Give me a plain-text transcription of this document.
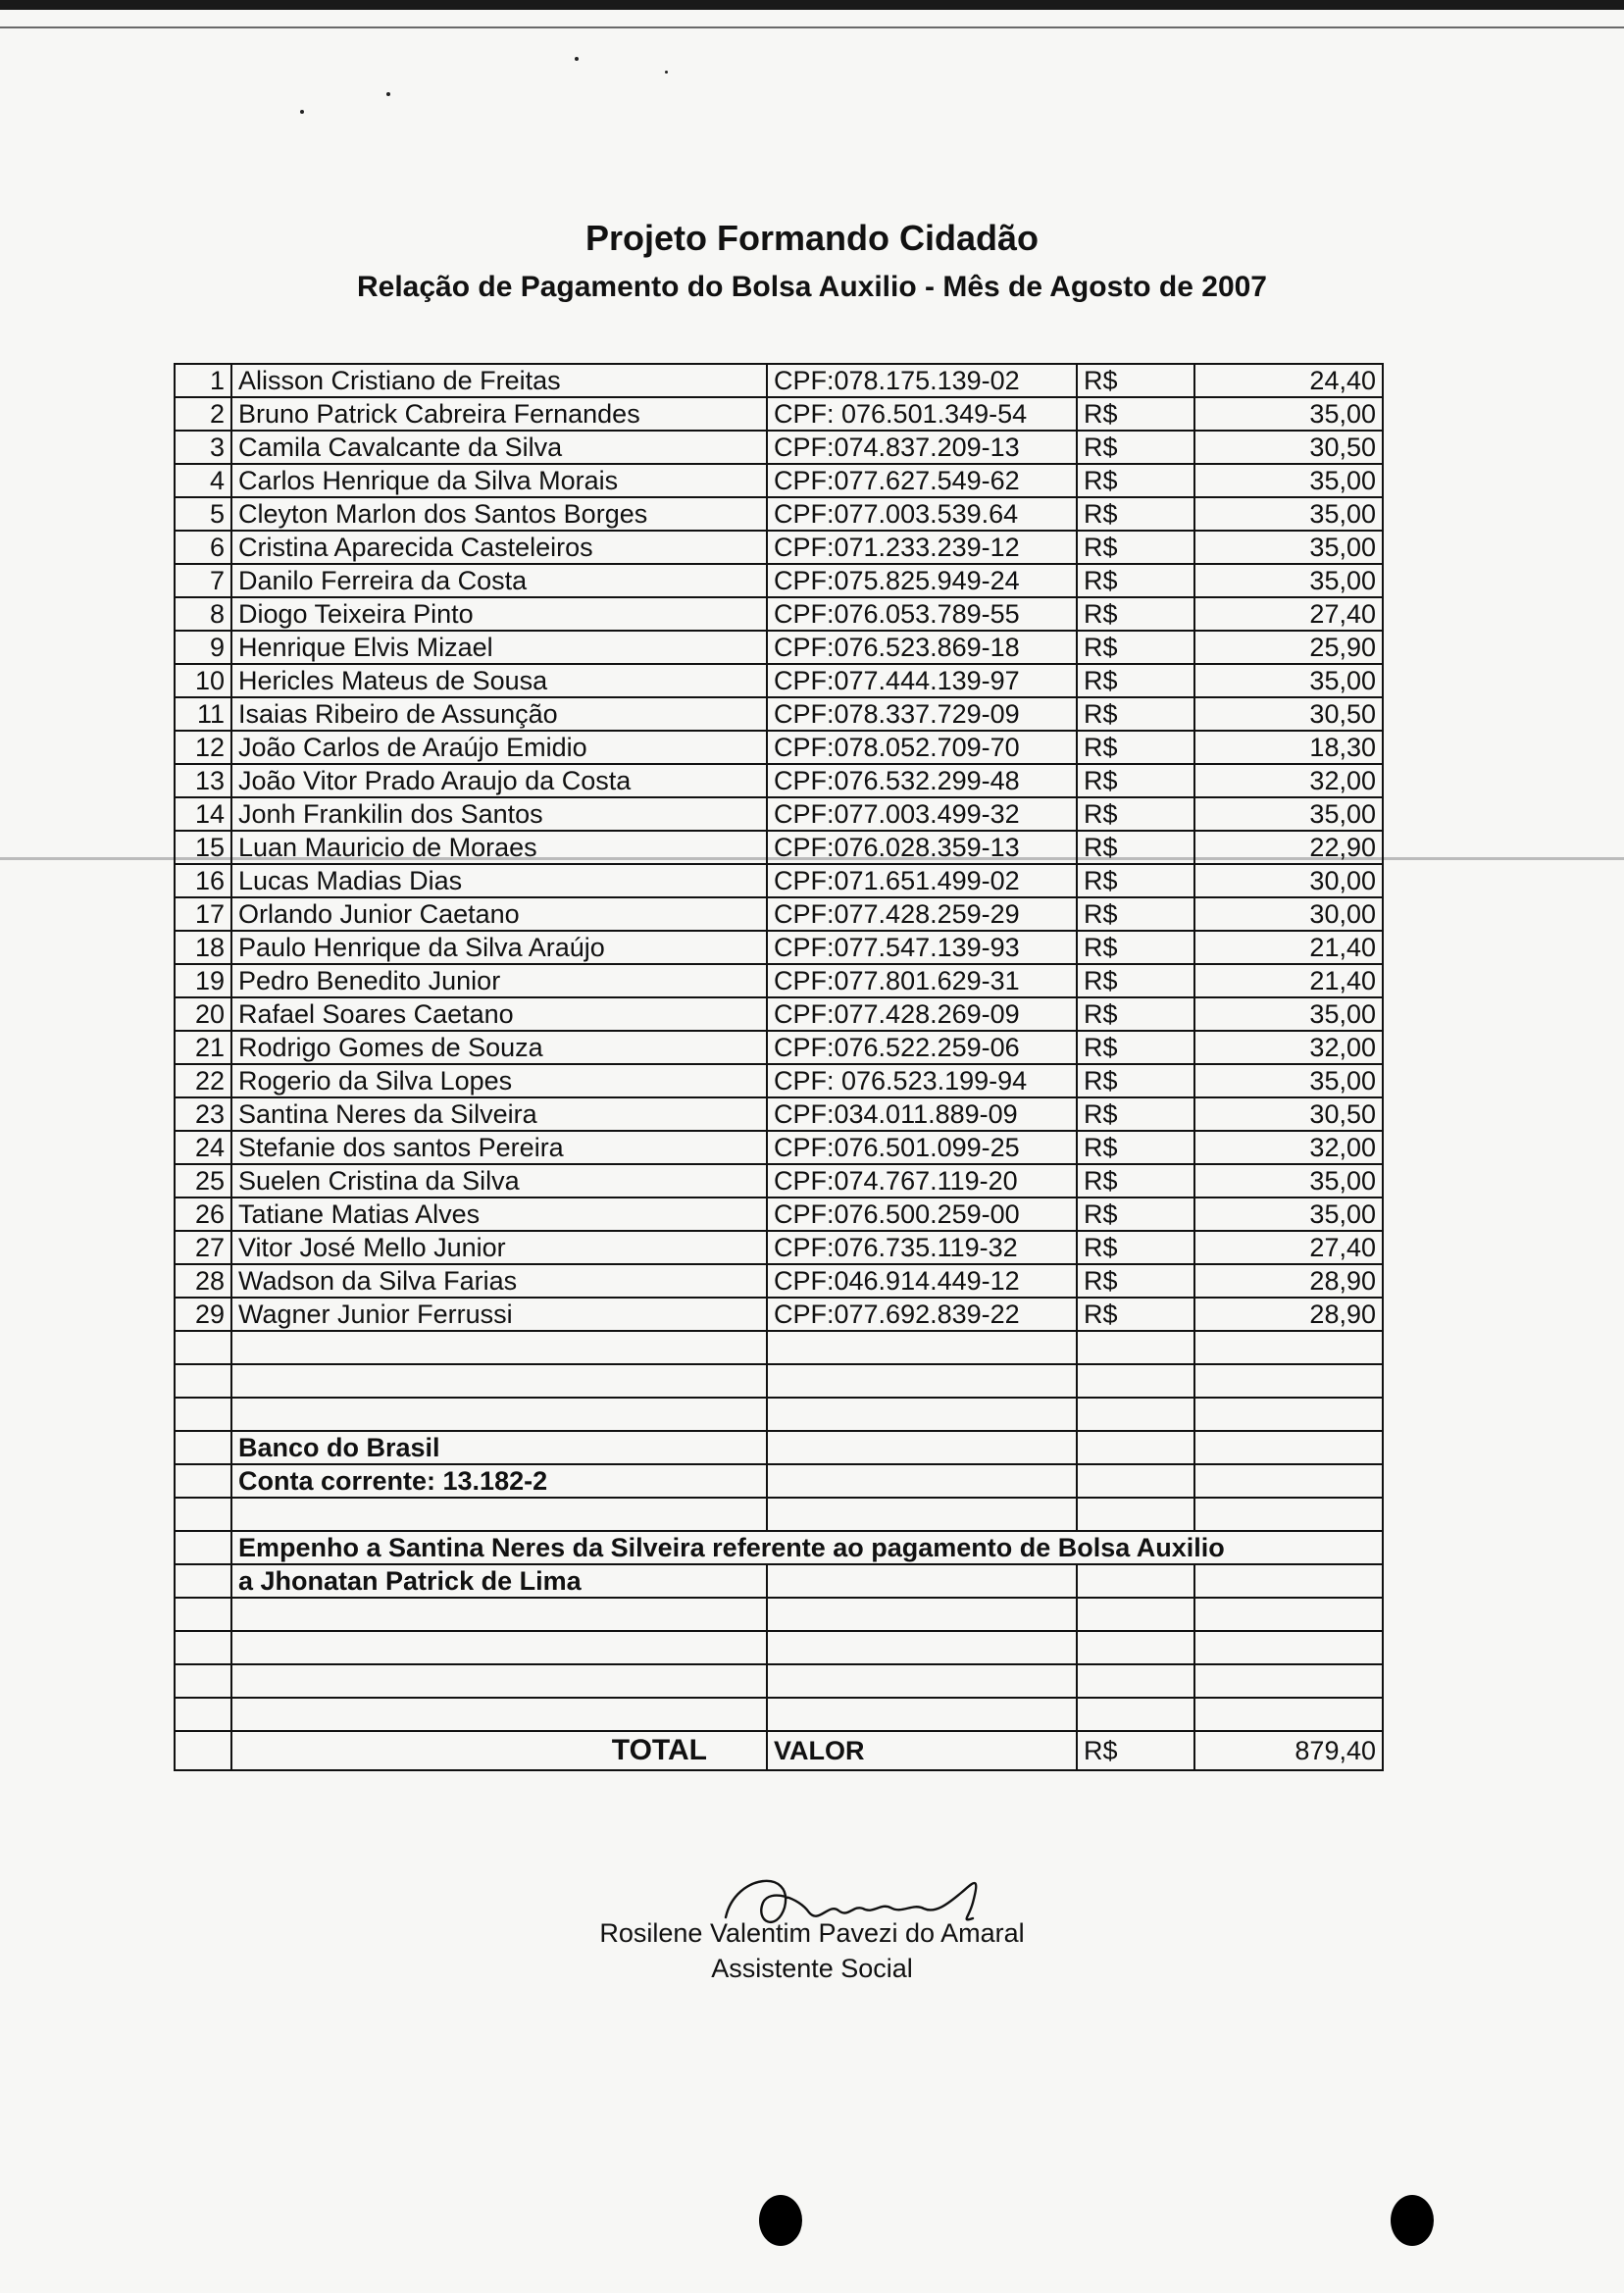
Projeto Formando Cidadão
Relação de Pagamento do Bolsa Auxilio - Mês de Agosto de 2007
1	Alisson Cristiano de Freitas	CPF:078.175.139-02	R$	24,40
2	Bruno Patrick Cabreira Fernandes	CPF: 076.501.349-54	R$	35,00
3	Camila Cavalcante da Silva	CPF:074.837.209-13	R$	30,50
4	Carlos Henrique da Silva Morais	CPF:077.627.549-62	R$	35,00
5	Cleyton Marlon dos Santos Borges	CPF:077.003.539.64	R$	35,00
6	Cristina Aparecida Casteleiros	CPF:071.233.239-12	R$	35,00
7	Danilo Ferreira da Costa	CPF:075.825.949-24	R$	35,00
8	Diogo Teixeira Pinto	CPF:076.053.789-55	R$	27,40
9	Henrique Elvis Mizael	CPF:076.523.869-18	R$	25,90
10	Hericles Mateus de Sousa	CPF:077.444.139-97	R$	35,00
11	Isaias Ribeiro de Assunção	CPF:078.337.729-09	R$	30,50
12	João Carlos de Araújo Emidio	CPF:078.052.709-70	R$	18,30
13	João Vitor Prado Araujo da Costa	CPF:076.532.299-48	R$	32,00
14	Jonh Frankilin dos Santos	CPF:077.003.499-32	R$	35,00
15	Luan Mauricio de Moraes	CPF:076.028.359-13	R$	22,90
16	Lucas Madias Dias	CPF:071.651.499-02	R$	30,00
17	Orlando Junior Caetano	CPF:077.428.259-29	R$	30,00
18	Paulo Henrique da Silva Araújo	CPF:077.547.139-93	R$	21,40
19	Pedro Benedito Junior	CPF:077.801.629-31	R$	21,40
20	Rafael Soares Caetano	CPF:077.428.269-09	R$	35,00
21	Rodrigo Gomes de Souza	CPF:076.522.259-06	R$	32,00
22	Rogerio da Silva Lopes	CPF: 076.523.199-94	R$	35,00
23	Santina Neres da Silveira	CPF:034.011.889-09	R$	30,50
24	Stefanie dos santos Pereira	CPF:076.501.099-25	R$	32,00
25	Suelen Cristina da Silva	CPF:074.767.119-20	R$	35,00
26	Tatiane Matias Alves	CPF:076.500.259-00	R$	35,00
27	Vitor José Mello Junior	CPF:076.735.119-32	R$	27,40
28	Wadson da Silva Farias	CPF:046.914.449-12	R$	28,90
29	Wagner Junior Ferrussi	CPF:077.692.839-22	R$	28,90

	Banco do Brasil			
	Conta corrente: 13.182-2			

	Empenho a Santina Neres da Silveira referente ao pagamento de Bolsa Auxilio			
	a Jhonatan Patrick de Lima			

	TOTAL	VALOR	R$	879,40
Rosilene Valentim Pavezi do Amaral
Assistente Social
